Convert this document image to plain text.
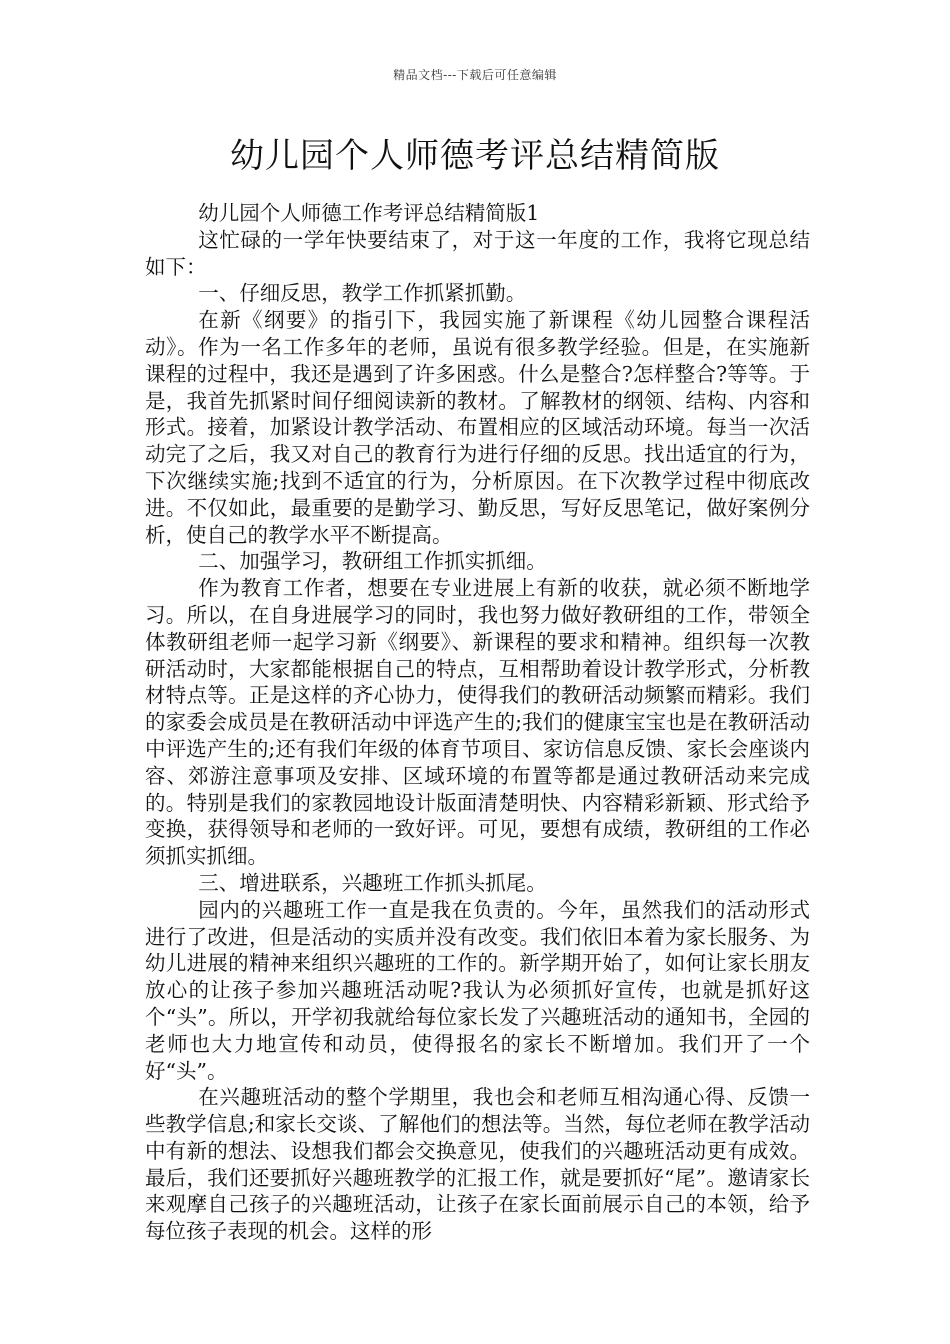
精品文档---下载后可任意编辑
幼儿园个人师德考评总结精简版

幼儿园个人师德工作考评总结精简版1

这忙碌的一学年快要结束了，对于这一年度的工作，我将它现总结如下：

一、仔细反思，教学工作抓紧抓勤。

在新《纲要》的指引下，我园实施了新课程《幼儿园整合课程活动》。作为一名工作多年的老师，虽说有很多教学经验。但是，在实施新课程的过程中，我还是遇到了许多困惑。什么是整合?怎样整合?等等。于是，我首先抓紧时间仔细阅读新的教材。了解教材的纲领、结构、内容和形式。接着，加紧设计教学活动、布置相应的区域活动环境。每当一次活动完了之后，我又对自己的教育行为进行仔细的反思。找出适宜的行为，下次继续实施;找到不适宜的行为，分析原因。在下次教学过程中彻底改进。不仅如此，最重要的是勤学习、勤反思，写好反思笔记，做好案例分析，使自己的教学水平不断提高。

二、加强学习，教研组工作抓实抓细。

作为教育工作者，想要在专业进展上有新的收获，就必须不断地学习。所以，在自身进展学习的同时，我也努力做好教研组的工作，带领全体教研组老师一起学习新《纲要》、新课程的要求和精神。组织每一次教研活动时，大家都能根据自己的特点，互相帮助着设计教学形式，分析教材特点等。正是这样的齐心协力，使得我们的教研活动频繁而精彩。我们的家委会成员是在教研活动中评选产生的;我们的健康宝宝也是在教研活动中评选产生的;还有我们年级的体育节项目、家访信息反馈、家长会座谈内容、郊游注意事项及安排、区域环境的布置等都是通过教研活动来完成的。特别是我们的家教园地设计版面清楚明快、内容精彩新颖、形式给予变换，获得领导和老师的一致好评。可见，要想有成绩，教研组的工作必须抓实抓细。

三、增进联系，兴趣班工作抓头抓尾。

园内的兴趣班工作一直是我在负责的。今年，虽然我们的活动形式进行了改进，但是活动的实质并没有改变。我们依旧本着为家长服务、为幼儿进展的精神来组织兴趣班的工作的。新学期开始了，如何让家长朋友放心的让孩子参加兴趣班活动呢?我认为必须抓好宣传，也就是抓好这个“头”。所以，开学初我就给每位家长发了兴趣班活动的通知书，全园的老师也大力地宣传和动员，使得报名的家长不断增加。我们开了一个好“头”。

在兴趣班活动的整个学期里，我也会和老师互相沟通心得、反馈一些教学信息;和家长交谈、了解他们的想法等。当然，每位老师在教学活动中有新的想法、设想我们都会交换意见，使我们的兴趣班活动更有成效。最后，我们还要抓好兴趣班教学的汇报工作，就是要抓好“尾”。邀请家长来观摩自己孩子的兴趣班活动，让孩子在家长面前展示自己的本领，给予每位孩子表现的机会。这样的形
